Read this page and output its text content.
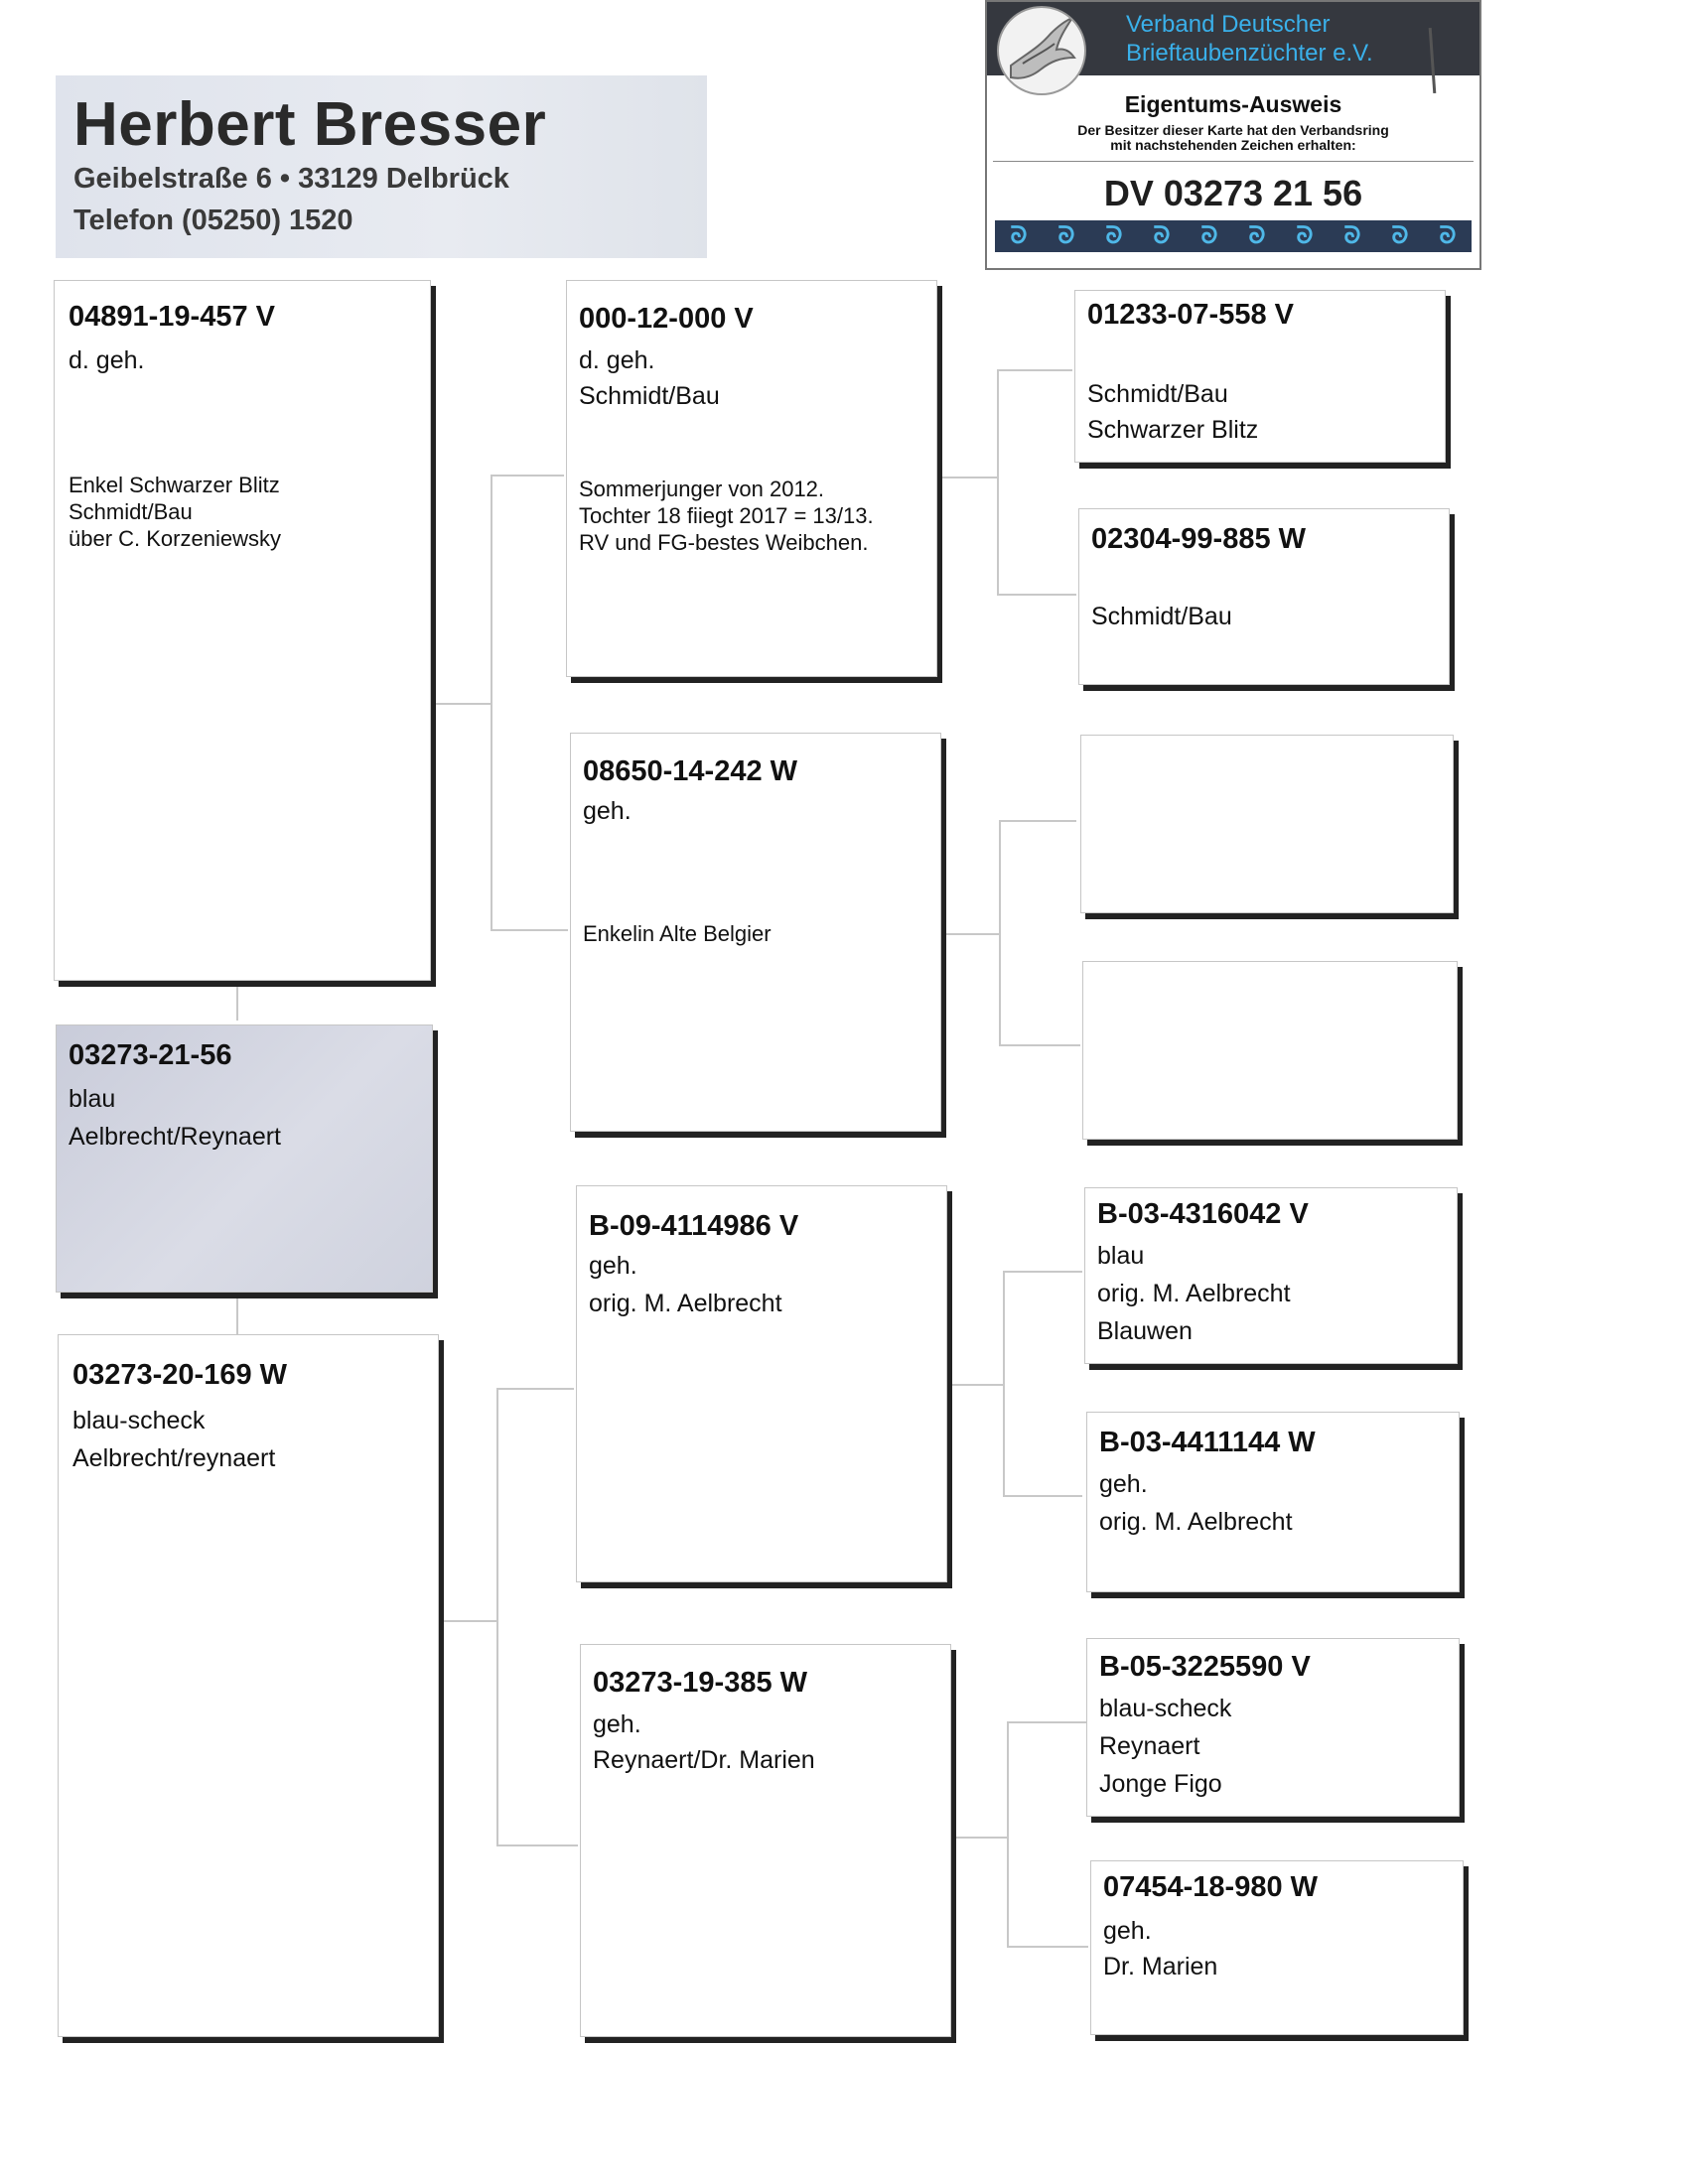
Herbert Bresser
Geibelstraße 6 • 33129 Delbrück
Telefon (05250) 1520
Verband Deutscher
Brieftaubenzüchter e.V.
Eigentums-Ausweis
Der Besitzer dieser Karte hat den Verbandsring
mit nachstehenden Zeichen erhalten:
DV 03273 21 56
ᘐ ᘐ ᘐ ᘐ ᘐ ᘐ ᘐ ᘐ ᘐ ᘐ
04891-19-457 V
d. geh.
Enkel Schwarzer Blitz
Schmidt/Bau
über C. Korzeniewsky
03273-21-56
blau
Aelbrecht/Reynaert
03273-20-169 W
blau-scheck
Aelbrecht/reynaert
000-12-000 V
d. geh.
Schmidt/Bau
Sommerjunger von 2012.
Tochter 18 fiiegt 2017 = 13/13.
RV und FG-bestes Weibchen.
08650-14-242 W
geh.
Enkelin Alte Belgier
B-09-4114986 V
geh.
orig. M. Aelbrecht
03273-19-385 W
geh.
Reynaert/Dr. Marien
01233-07-558 V
Schmidt/Bau
Schwarzer Blitz
02304-99-885 W
Schmidt/Bau
B-03-4316042 V
blau
orig. M. Aelbrecht
Blauwen
B-03-4411144 W
geh.
orig. M. Aelbrecht
B-05-3225590 V
blau-scheck
Reynaert
Jonge Figo
07454-18-980 W
geh.
Dr. Marien
